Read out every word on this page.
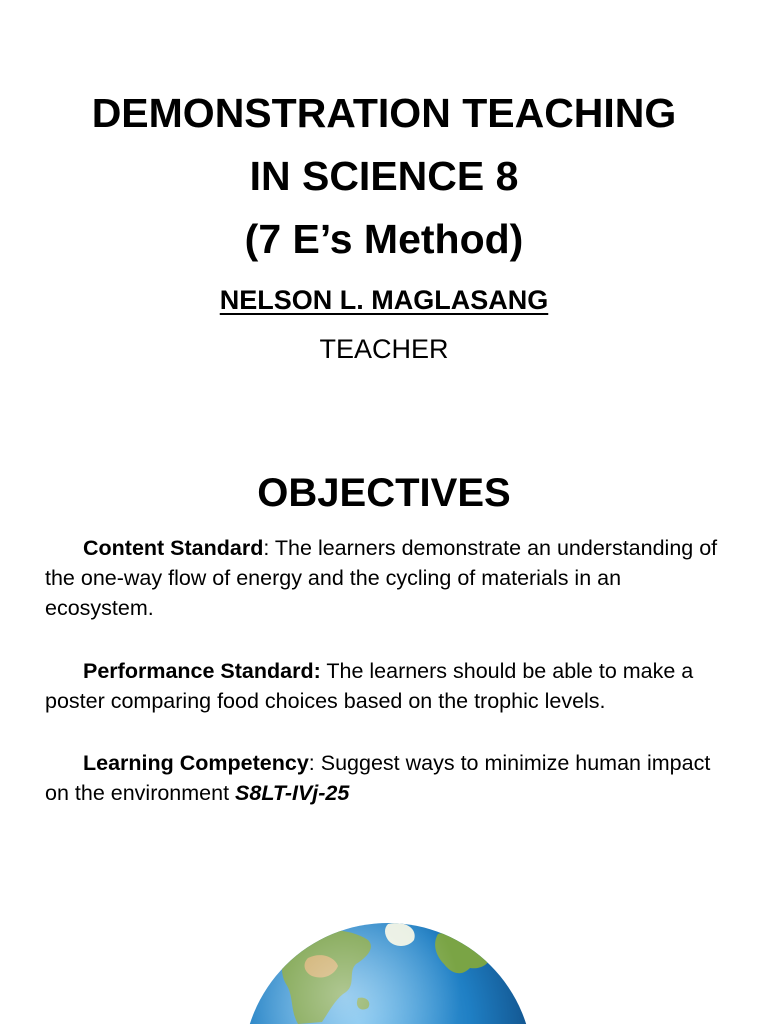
DEMONSTRATION TEACHING
IN SCIENCE 8
(7 E’s Method)
NELSON L. MAGLASANG
TEACHER
OBJECTIVES
Content Standard: The learners demonstrate an understanding of the one-way flow of energy and the cycling of materials in an ecosystem.
Performance Standard: The learners should be able to make a poster comparing food choices based on the trophic levels.
Learning Competency: Suggest ways to minimize human impact on the environment S8LT-IVj-25
